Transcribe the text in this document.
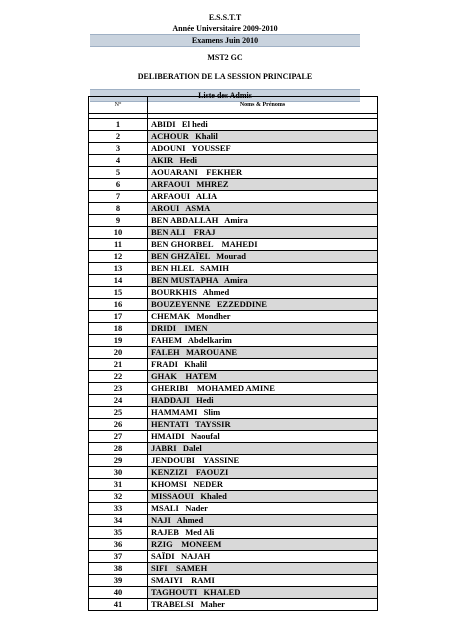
E.S.S.T.T
Année Universitaire 2009-2010
Examens Juin 2010
MST2 GC
DELIBERATION DE LA SESSION PRINCIPALE
Liste des Admis
N°	Noms & Prénoms
1	ABIDI   El hedi
2	ACHOUR   Khalil
3	ADOUNI   YOUSSEF
4	AKIR   Hedi
5	AOUARANI    FEKHER
6	ARFAOUI   MHREZ
7	ARFAOUI   ALIA
8	AROUI   ASMA
9	BEN ABDALLAH   Amira
10	BEN ALI    FRAJ
11	BEN GHORBEL    MAHEDI
12	BEN GHZAÏEL   Mourad
13	BEN HLEL   SAMIH
14	BEN MUSTAPHA   Amira
15	BOURKHIS   Ahmed
16	BOUZEYENNE   EZZEDDINE
17	CHEMAK   Mondher
18	DRIDI    IMEN
19	FAHEM   Abdelkarim
20	FALEH   MAROUANE
21	FRADI   Khalil
22	GHAK    HATEM
23	GHERIBI    MOHAMED AMINE
24	HADDAJI   Hedi
25	HAMMAMI   Slim
26	HENTATI   TAYSSIR
27	HMAIDI   Naoufal
28	JABRI   Dalel
29	JENDOUBI    YASSINE
30	KENZIZI    FAOUZI
31	KHOMSI   NEDER
32	MISSAOUI   Khaled
33	MSALI   Nader
34	NAJI   Ahmed
35	RAJEB   Med Ali
36	RZIG    MONEEM
37	SAÏDI   NAJAH
38	SIFI    SAMEH
39	SMAIYI    RAMI
40	TAGHOUTI   KHALED
41	TRABELSI   Maher
